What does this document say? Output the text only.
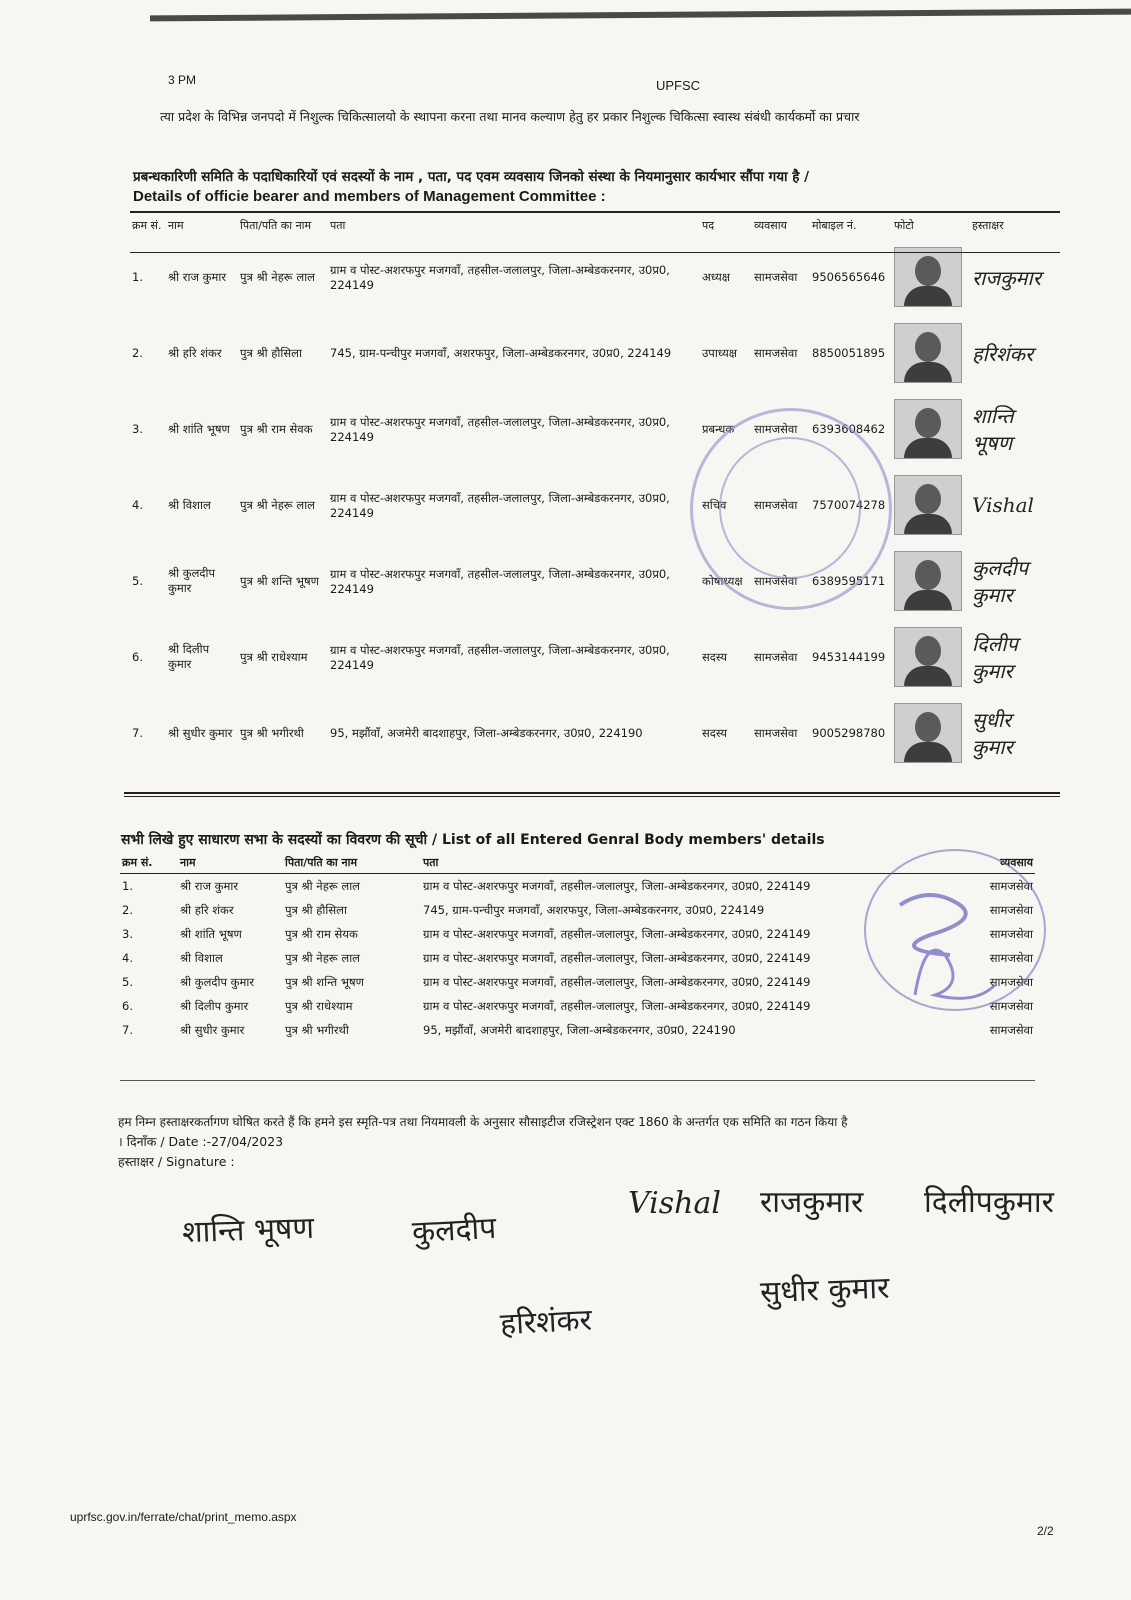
3 PM	UPFSC
त्या प्रदेश के विभिन्न जनपदो में निशुल्क चिकित्सालयो के स्थापना करना तथा मानव कल्याण हेतु हर प्रकार निशुल्क चिकित्सा स्वास्थ संबंधी कार्यकर्मो का प्रचार
प्रबन्धकारिणी समिति के पदाधिकारियों एवं सदस्यों के नाम , पता, पद एवम व्यवसाय जिनको संस्था के नियमानुसार कार्यभार सौंपा गया है /
Details of officie bearer and members of Management Committee :
क्रम सं.	नाम	पिता/पति का नाम	पता	पद	व्यवसाय	मोबाइल नं.	फोटो	हस्ताक्षर
1.	श्री राज कुमार	पुत्र श्री नेहरू लाल	ग्राम व पोस्ट-अशरफपुर मजगवाँ, तहसील-जलालपुर, जिला-अम्बेडकरनगर, उ0प्र0, 224149	अध्यक्ष	सामजसेवा	9506565646		राजकुमार
2.	श्री हरि शंकर	पुत्र श्री हौसिला	745, ग्राम-पन्चीपुर मजगवाँ, अशरफपुर, जिला-अम्बेडकरनगर, उ0प्र0, 224149	उपाध्यक्ष	सामजसेवा	8850051895		हरिशंकर
3.	श्री शांति भूषण	पुत्र श्री राम सेवक	ग्राम व पोस्ट-अशरफपुर मजगवाँ, तहसील-जलालपुर, जिला-अम्बेडकरनगर, उ0प्र0, 224149	प्रबन्धक	सामजसेवा	6393608462		शान्ति भूषण
4.	श्री विशाल	पुत्र श्री नेहरू लाल	ग्राम व पोस्ट-अशरफपुर मजगवाँ, तहसील-जलालपुर, जिला-अम्बेडकरनगर, उ0प्र0, 224149	सचिव	सामजसेवा	7570074278		Vishal
5.	श्री कुलदीप कुमार	पुत्र श्री शन्ति भूषण	ग्राम व पोस्ट-अशरफपुर मजगवाँ, तहसील-जलालपुर, जिला-अम्बेडकरनगर, उ0प्र0, 224149	कोषाध्यक्ष	सामजसेवा	6389595171		कुलदीप कुमार
6.	श्री दिलीप कुमार	पुत्र श्री राधेश्याम	ग्राम व पोस्ट-अशरफपुर मजगवाँ, तहसील-जलालपुर, जिला-अम्बेडकरनगर, उ0प्र0, 224149	सदस्य	सामजसेवा	9453144199		दिलीप कुमार
7.	श्री सुधीर कुमार	पुत्र श्री भगीरथी	95, मझौंवाँ, अजमेरी बादशाहपुर, जिला-अम्बेडकरनगर, उ0प्र0, 224190	सदस्य	सामजसेवा	9005298780		सुधीर कुमार
सभी लिखे हुए साधारण सभा के सदस्यों का विवरण की सूची / List of all Entered Genral Body members' details
क्रम सं.	नाम	पिता/पति का नाम	पता	व्यवसाय
1.	श्री राज कुमार	पुत्र श्री नेहरू लाल	ग्राम व पोस्ट-अशरफपुर मजगवाँ, तहसील-जलालपुर, जिला-अम्बेडकरनगर, उ0प्र0, 224149	सामजसेवा
2.	श्री हरि शंकर	पुत्र श्री हौसिला	745, ग्राम-पन्चीपुर मजगवाँ, अशरफपुर, जिला-अम्बेडकरनगर, उ0प्र0, 224149	सामजसेवा
3.	श्री शांति भूषण	पुत्र श्री राम सेयक	ग्राम व पोस्ट-अशरफपुर मजगवाँ, तहसील-जलालपुर, जिला-अम्बेडकरनगर, उ0प्र0, 224149	सामजसेवा
4.	श्री विशाल	पुत्र श्री नेहरू लाल	ग्राम व पोस्ट-अशरफपुर मजगवाँ, तहसील-जलालपुर, जिला-अम्बेडकरनगर, उ0प्र0, 224149	सामजसेवा
5.	श्री कुलदीप कुमार	पुत्र श्री शन्ति भूषण	ग्राम व पोस्ट-अशरफपुर मजगवाँ, तहसील-जलालपुर, जिला-अम्बेडकरनगर, उ0प्र0, 224149	सामजसेवा
6.	श्री दिलीप कुमार	पुत्र श्री राधेश्याम	ग्राम व पोस्ट-अशरफपुर मजगवाँ, तहसील-जलालपुर, जिला-अम्बेडकरनगर, उ0प्र0, 224149	सामजसेवा
7.	श्री सुधीर कुमार	पुत्र श्री भगीरथी	95, मझौंवाँ, अजमेरी बादशाहपुर, जिला-अम्बेडकरनगर, उ0प्र0, 224190	सामजसेवा
हम निम्न हस्ताक्षरकर्तागण घोषित करते हैं कि हमने इस स्मृति-पत्र तथा नियमावली के अनुसार सौसाइटीज रजिस्ट्रेशन एक्ट 1860 के अन्तर्गत एक समिति का गठन किया है
। दिनाँक / Date :-27/04/2023
हस्ताक्षर / Signature :
शान्ति भूषण	कुलदीप
Vishal राजकुमार दिलीपकुमार
सुधीर कुमार
हरिशंकर
uprfsc.gov.in/ferrate/chat/print_memo.aspx
2/2
